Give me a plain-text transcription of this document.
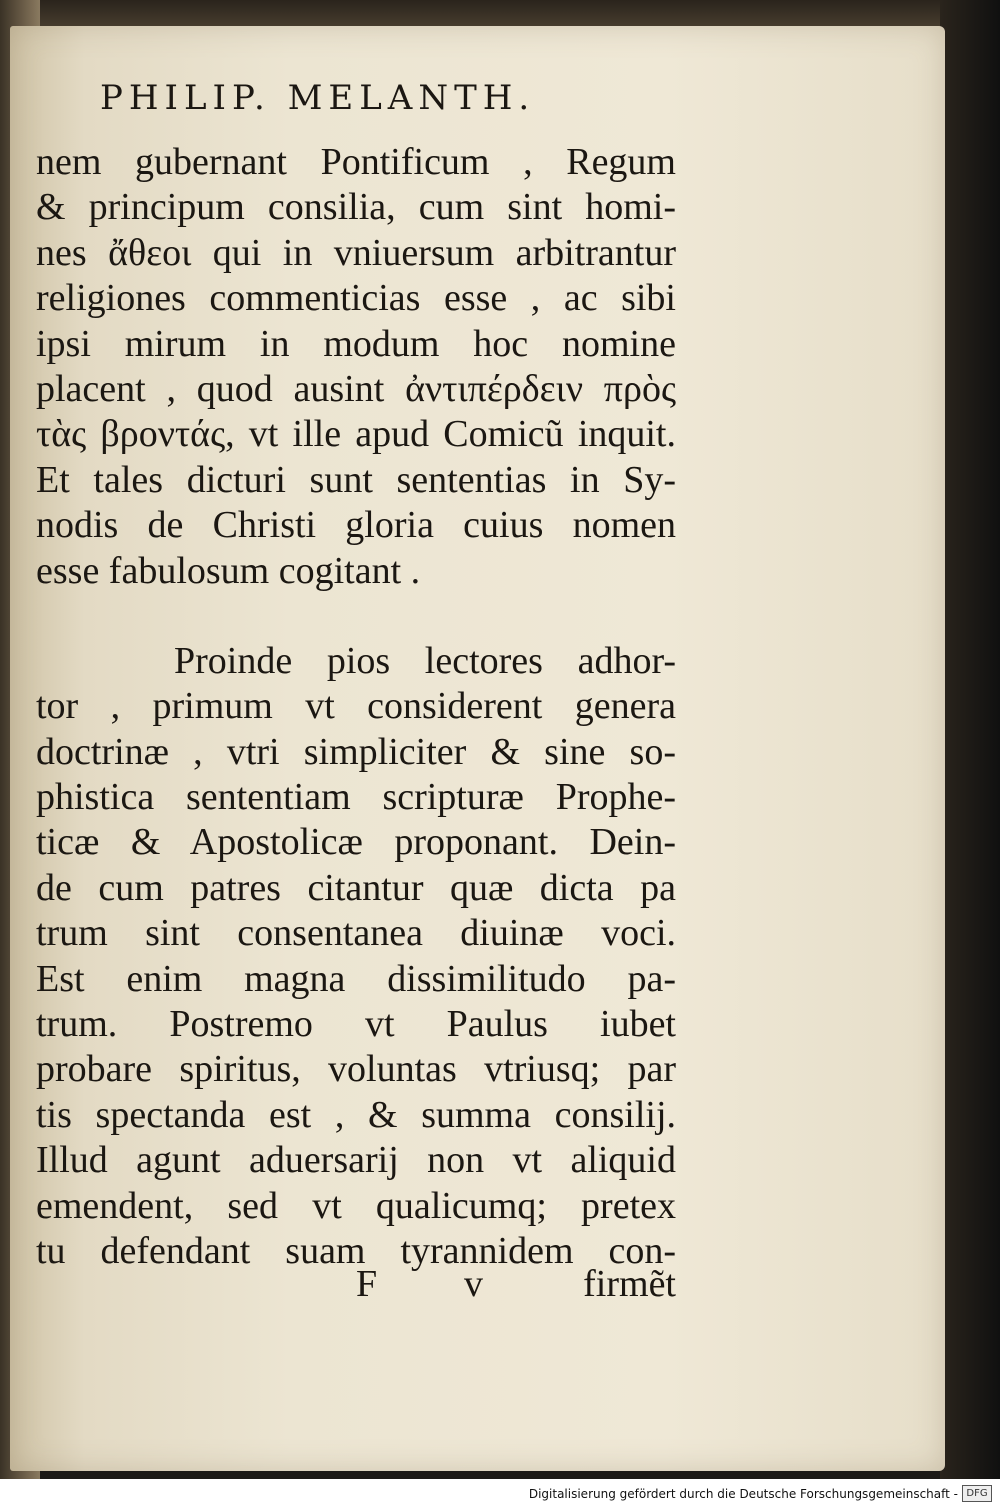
PHILIP. MELANTH.
nem gubernant Pontificum , Regum
& principum consilia, cum sint homi-
nes ἄθεοι qui in vniuersum arbitrantur
religiones commenticias esse , ac sibi
ipsi mirum in modum hoc nomine
placent , quod ausint ἀντιπέρδειν πρὸς
τὰς βροντάς, vt ille apud Comicũ inquit.
Et tales dicturi sunt sententias in Sy-
nodis de Christi gloria cuius nomen
esse fabulosum cogitant .
Proinde pios lectores adhor-
tor , primum vt considerent genera
doctrinæ , vtri simpliciter & sine so-
phistica sententiam scripturæ Prophe-
ticæ & Apostolicæ proponant. Dein-
de cum patres citantur quæ dicta pa
trum sint consentanea diuinæ voci.
Est enim magna dissimilitudo pa-
trum. Postremo vt Paulus iubet
probare spiritus, voluntas vtriusq; par
tis spectanda est , & summa consilij.
Illud agunt aduersarij non vt aliquid
emendent, sed vt qualicumq; pretex
tu defendant suam tyrannidem con-
F v	firmẽt
Digitalisierung gefördert durch die Deutsche Forschungsgemeinschaft - DFG
